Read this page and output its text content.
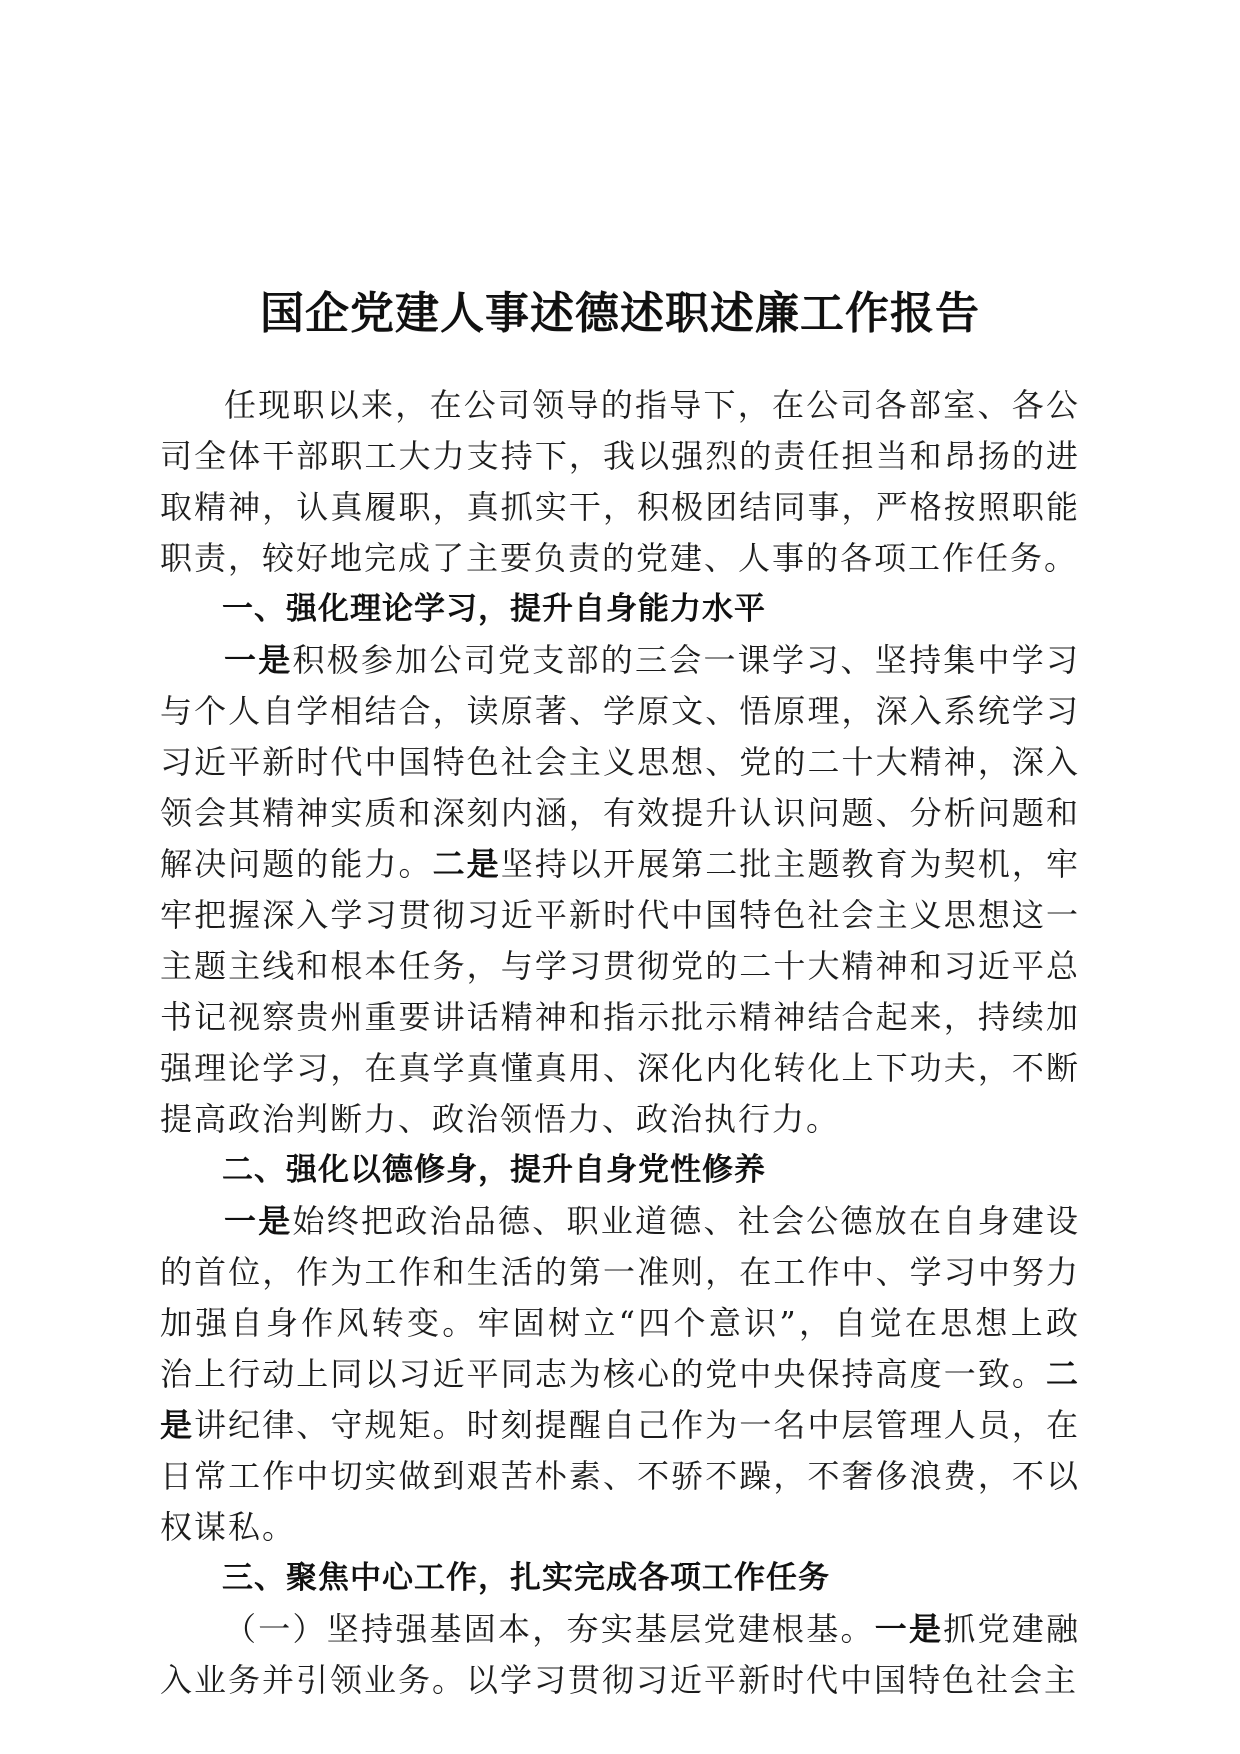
国企党建人事述德述职述廉工作报告

任现职以来，在公司领导的指导下，在公司各部室、各公司全体干部职工大力支持下，我以强烈的责任担当和昂扬的进取精神，认真履职，真抓实干，积极团结同事，严格按照职能职责，较好地完成了主要负责的党建、人事的各项工作任务。

一、强化理论学习，提升自身能力水平

一是积极参加公司党支部的三会一课学习、坚持集中学习与个人自学相结合，读原著、学原文、悟原理，深入系统学习习近平新时代中国特色社会主义思想、党的二十大精神，深入领会其精神实质和深刻内涵，有效提升认识问题、分析问题和解决问题的能力。二是坚持以开展第二批主题教育为契机，牢牢把握深入学习贯彻习近平新时代中国特色社会主义思想这一主题主线和根本任务，与学习贯彻党的二十大精神和习近平总书记视察贵州重要讲话精神和指示批示精神结合起来，持续加强理论学习，在真学真懂真用、深化内化转化上下功夫，不断提高政治判断力、政治领悟力、政治执行力。

二、强化以德修身，提升自身党性修养

一是始终把政治品德、职业道德、社会公德放在自身建设的首位，作为工作和生活的第一准则，在工作中、学习中努力加强自身作风转变。牢固树立“四个意识”，自觉在思想上政治上行动上同以习近平同志为核心的党中央保持高度一致。二是讲纪律、守规矩。时刻提醒自己作为一名中层管理人员，在日常工作中切实做到艰苦朴素、不骄不躁，不奢侈浪费，不以权谋私。

三、聚焦中心工作，扎实完成各项工作任务

（一）坚持强基固本，夯实基层党建根基。一是抓党建融入业务并引领业务。以学习贯彻习近平新时代中国特色社会主
